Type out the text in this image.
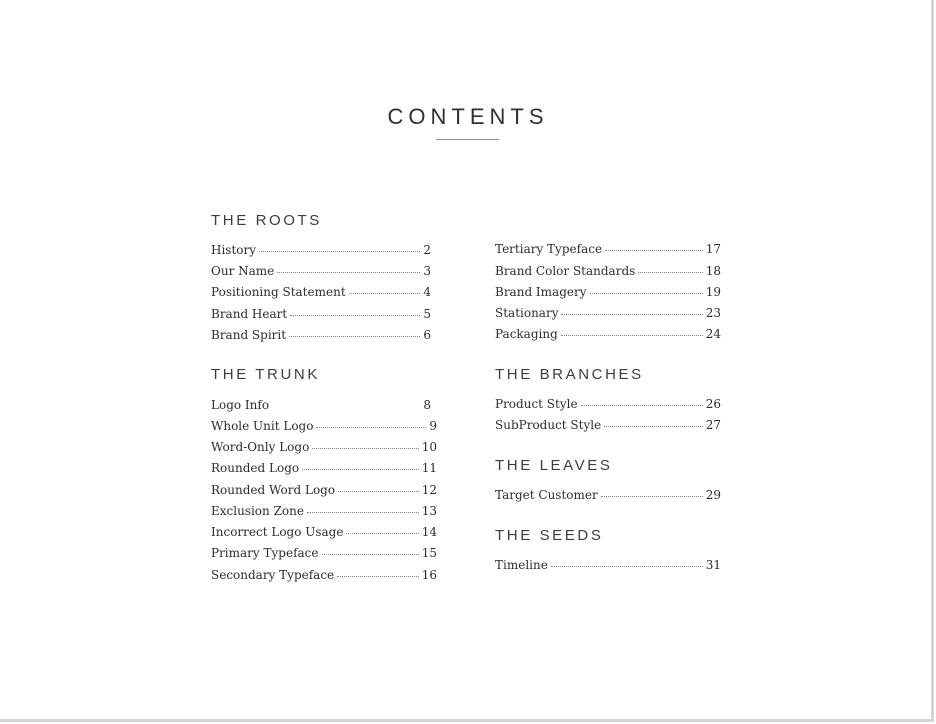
CONTENTS
THE ROOTS
History	2
Our Name	3
Positioning Statement	4
Brand Heart	5
Brand Spirit	6
THE TRUNK
Logo Info	8
Whole Unit Logo	9
Word-Only Logo	10
Rounded Logo	11
Rounded Word Logo	12
Exclusion Zone	13
Incorrect Logo Usage	14
Primary Typeface	15
Secondary Typeface	16
Tertiary Typeface	17
Brand Color Standards	18
Brand Imagery	19
Stationary	23
Packaging	24
THE BRANCHES
Product Style	26
SubProduct Style	27
THE LEAVES
Target Customer	29
THE SEEDS
Timeline	31
